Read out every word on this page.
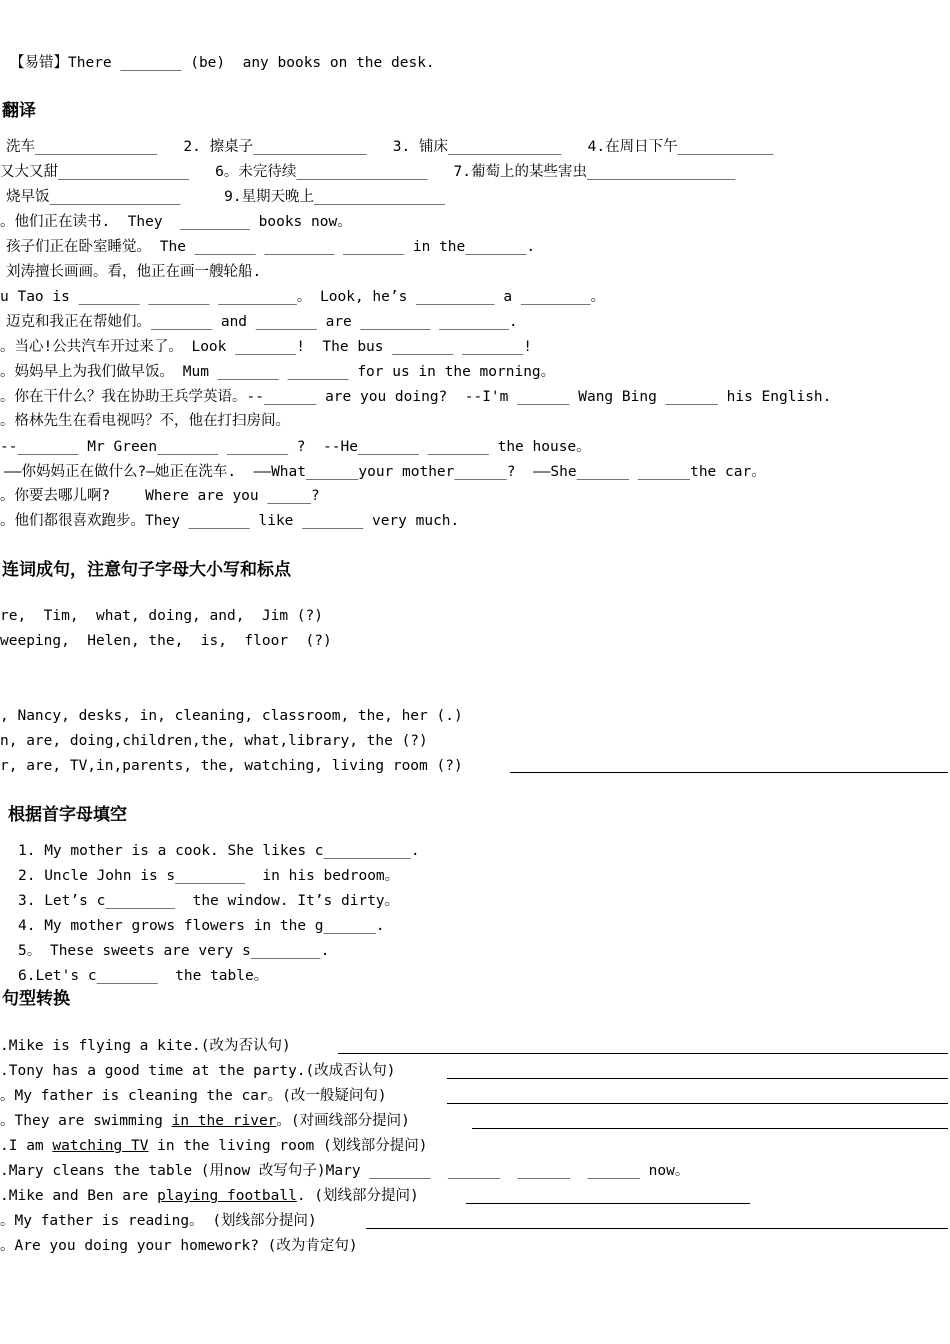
【易错】There _______ (be)  any books on the desk.
翻译
洗车______________   2. 擦桌子_____________   3. 铺床_____________   4.在周日下午___________
又大又甜_______________   6。未完待续_______________   7.葡萄上的某些害虫_________________
烧早饭_______________     9.星期天晚上_______________
。他们正在读书.  They  ________ books now。
孩子们正在卧室睡觉。 The _______ ________ _______ in the_______.
刘涛擅长画画。看，他正在画一艘轮船.
u Tao is _______ _______ _________。 Look, he’s _________ a ________。
迈克和我正在帮她们。_______ and _______ are ________ ________.
。当心!公共汽车开过来了。 Look _______!  The bus _______ _______!
。妈妈早上为我们做早饭。 Mum _______ _______ for us in the morning。
。你在干什么？我在协助王兵学英语。--______ are you doing?  --I'm ______ Wang Bing ______ his English.
。格林先生在看电视吗？不，他在打扫房间。
--_______ Mr Green_______ _______ ?  --He_______ _______ the house。
——你妈妈正在做什么?—她正在洗车.  ——What______your mother______?  ——She______ ______the car。
。你要去哪儿啊?    Where are you _____?
。他们都很喜欢跑步。They _______ like _______ very much.
连词成句，注意句子字母大小写和标点
re,  Tim,  what, doing, and,  Jim (?)
weeping,  Helen, the,  is,  floor  (?)
, Nancy, desks, in, cleaning, classroom, the, her (.)
n, are, doing,children,the, what,library, the (?)
r, are, TV,in,parents, the, watching, living room (?)
根据首字母填空
1. My mother is a cook. She likes c__________.
2. Uncle John is s________  in his bedroom。
3. Let’s c________  the window. It’s dirty。
4. My mother grows flowers in the g______.
5。 These sweets are very s________.
6.Let's c_______  the table。
句型转换
.Mike is flying a kite.(改为否认句)
.Tony has a good time at the party.(改成否认句)
。My father is cleaning the car。(改一般疑问句)
。They are swimming in the river。(对画线部分提问)
.I am watching TV in the living room (划线部分提问)
.Mary cleans the table (用now 改写句子)Mary _______  ______  ______  ______ now。
.Mike and Ben are playing football. (划线部分提问)
。My father is reading。 (划线部分提问)
。Are you doing your homework? (改为肯定句)
